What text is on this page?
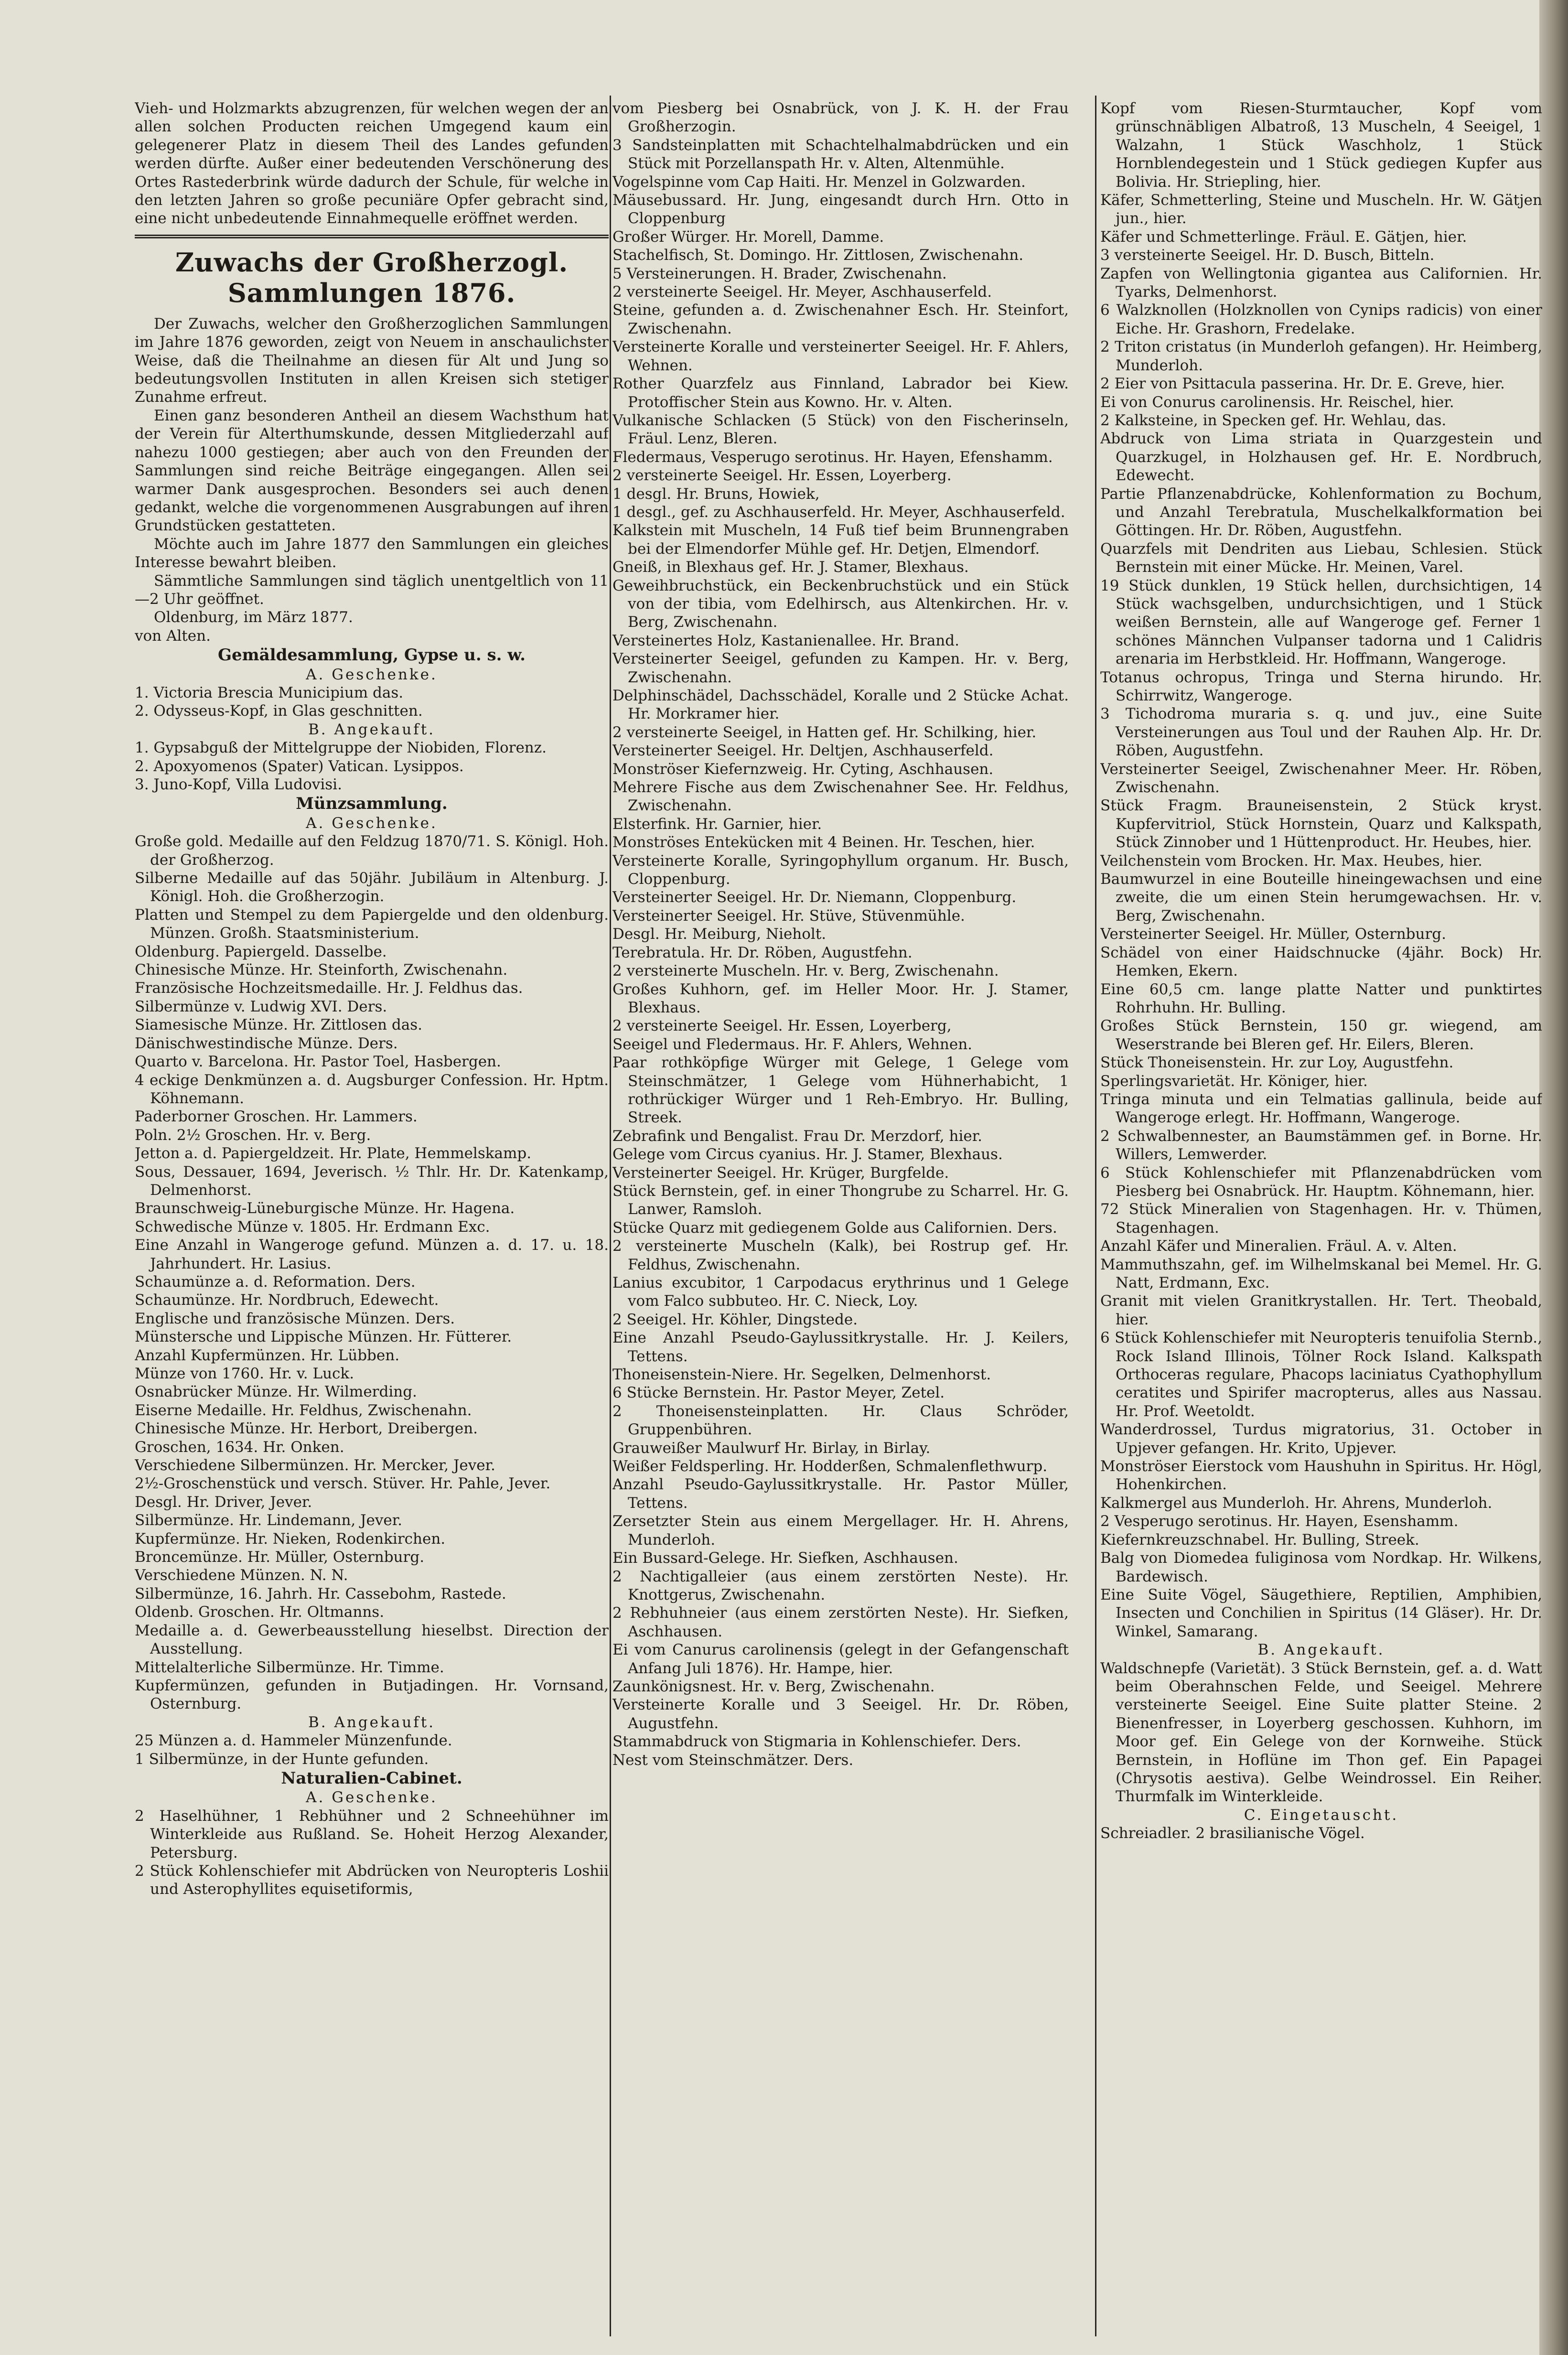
Vieh- und Holzmarkts abzugrenzen, für welchen wegen der an allen solchen Producten reichen Umgegend kaum ein gelegenerer Platz in diesem Theil des Landes gefunden werden dürfte. Außer einer bedeutenden Verschönerung des Ortes Rastederbrink würde dadurch der Schule, für welche in den letzten Jahren so große pecuniäre Opfer gebracht sind, eine nicht unbedeutende Einnahmequelle eröffnet werden.

Zuwachs der Großherzogl. Sammlungen 1876.

Der Zuwachs, welcher den Großherzoglichen Sammlungen im Jahre 1876 geworden, zeigt von Neuem in anschaulichster Weise, daß die Theilnahme an diesen für Alt und Jung so bedeutungsvollen Instituten in allen Kreisen sich stetiger Zunahme erfreut.

Einen ganz besonderen Antheil an diesem Wachsthum hat der Verein für Alterthumskunde, dessen Mitgliederzahl auf nahezu 1000 gestiegen; aber auch von den Freunden der Sammlungen sind reiche Beiträge eingegangen. Allen sei warmer Dank ausgesprochen. Besonders sei auch denen gedankt, welche die vorgenommenen Ausgrabungen auf ihren Grundstücken gestatteten.

Möchte auch im Jahre 1877 den Sammlungen ein gleiches Interesse bewahrt bleiben.

Sämmtliche Sammlungen sind täglich unentgeltlich von 11—2 Uhr geöffnet.

Oldenburg, im März 1877.

von Alten.

Gemäldesammlung, Gypse u. s. w.
A. Geschenke.

1. Victoria Brescia Municipium das.

2. Odysseus-Kopf, in Glas geschnitten.

B. Angekauft.

1. Gypsabguß der Mittelgruppe der Niobiden, Florenz.

2. Apoxyomenos (Spater) Vatican. Lysippos.

3. Juno-Kopf, Villa Ludovisi.

Münzsammlung.
A. Geschenke.

Große gold. Medaille auf den Feldzug 1870/71. S. Königl. Hoh. der Großherzog.

Silberne Medaille auf das 50jähr. Jubiläum in Altenburg. J. Königl. Hoh. die Großherzogin.

Platten und Stempel zu dem Papiergelde und den oldenburg. Münzen. Großh. Staatsministerium.

Oldenburg. Papiergeld. Dasselbe.

Chinesische Münze. Hr. Steinforth, Zwischenahn.

Französische Hochzeitsmedaille. Hr. J. Feldhus das.

Silbermünze v. Ludwig XVI. Ders.

Siamesische Münze. Hr. Zittlosen das.

Dänischwestindische Münze. Ders.

Quarto v. Barcelona. Hr. Pastor Toel, Hasbergen.

4 eckige Denkmünzen a. d. Augsburger Confession. Hr. Hptm. Köhnemann.

Paderborner Groschen. Hr. Lammers.

Poln. 2½ Groschen. Hr. v. Berg.

Jetton a. d. Papiergeldzeit. Hr. Plate, Hemmelskamp.

Sous, Dessauer, 1694, Jeverisch. ½ Thlr. Hr. Dr. Katenkamp, Delmenhorst.

Braunschweig-Lüneburgische Münze. Hr. Hagena.

Schwedische Münze v. 1805. Hr. Erdmann Exc.

Eine Anzahl in Wangeroge gefund. Münzen a. d. 17. u. 18. Jahrhundert. Hr. Lasius.

Schaumünze a. d. Reformation. Ders.

Schaumünze. Hr. Nordbruch, Edewecht.

Englische und französische Münzen. Ders.

Münstersche und Lippische Münzen. Hr. Fütterer.

Anzahl Kupfermünzen. Hr. Lübben.

Münze von 1760. Hr. v. Luck.

Osnabrücker Münze. Hr. Wilmerding.

Eiserne Medaille. Hr. Feldhus, Zwischenahn.

Chinesische Münze. Hr. Herbort, Dreibergen.

Groschen, 1634. Hr. Onken.

Verschiedene Silbermünzen. Hr. Mercker, Jever.

2½-Groschenstück und versch. Stüver. Hr. Pahle, Jever.

Desgl. Hr. Driver, Jever.

Silbermünze. Hr. Lindemann, Jever.

Kupfermünze. Hr. Nieken, Rodenkirchen.

Broncemünze. Hr. Müller, Osternburg.

Verschiedene Münzen. N. N.

Silbermünze, 16. Jahrh. Hr. Cassebohm, Rastede.

Oldenb. Groschen. Hr. Oltmanns.

Medaille a. d. Gewerbeausstellung hieselbst. Direction der Ausstellung.

Mittelalterliche Silbermünze. Hr. Timme.

Kupfermünzen, gefunden in Butjadingen. Hr. Vornsand, Osternburg.

B. Angekauft.

25 Münzen a. d. Hammeler Münzenfunde.

1 Silbermünze, in der Hunte gefunden.

Naturalien-Cabinet.
A. Geschenke.

2 Haselhühner, 1 Rebhühner und 2 Schneehühner im Winterkleide aus Rußland. Se. Hoheit Herzog Alexander, Petersburg.

2 Stück Kohlenschiefer mit Abdrücken von Neuropteris Loshii und Asterophyllites equisetiformis,

vom Piesberg bei Osnabrück, von J. K. H. der Frau Großherzogin.

3 Sandsteinplatten mit Schachtelhalmabdrücken und ein Stück mit Porzellanspath Hr. v. Alten, Altenmühle.

Vogelspinne vom Cap Haiti. Hr. Menzel in Golzwarden.

Mäusebussard. Hr. Jung, eingesandt durch Hrn. Otto in Cloppenburg

Großer Würger. Hr. Morell, Damme.

Stachelfisch, St. Domingo. Hr. Zittlosen, Zwischenahn.

5 Versteinerungen. H. Brader, Zwischenahn.

2 versteinerte Seeigel. Hr. Meyer, Aschhauserfeld.

Steine, gefunden a. d. Zwischenahner Esch. Hr. Steinfort, Zwischenahn.

Versteinerte Koralle und versteinerter Seeigel. Hr. F. Ahlers, Wehnen.

Rother Quarzfelz aus Finnland, Labrador bei Kiew. Protoffischer Stein aus Kowno. Hr. v. Alten.

Vulkanische Schlacken (5 Stück) von den Fischerinseln, Fräul. Lenz, Bleren.

Fledermaus, Vesperugo serotinus. Hr. Hayen, Efenshamm.

2 versteinerte Seeigel. Hr. Essen, Loyerberg.

1 desgl. Hr. Bruns, Howiek,

1 desgl., gef. zu Aschhauserfeld. Hr. Meyer, Aschhauserfeld.

Kalkstein mit Muscheln, 14 Fuß tief beim Brunnengraben bei der Elmendorfer Mühle gef. Hr. Detjen, Elmendorf.

Gneiß, in Blexhaus gef. Hr. J. Stamer, Blexhaus.

Geweihbruchstück, ein Beckenbruchstück und ein Stück von der tibia, vom Edelhirsch, aus Altenkirchen. Hr. v. Berg, Zwischenahn.

Versteinertes Holz, Kastanienallee. Hr. Brand.

Versteinerter Seeigel, gefunden zu Kampen. Hr. v. Berg, Zwischenahn.

Delphinschädel, Dachsschädel, Koralle und 2 Stücke Achat. Hr. Morkramer hier.

2 versteinerte Seeigel, in Hatten gef. Hr. Schilking, hier.

Versteinerter Seeigel. Hr. Deltjen, Aschhauserfeld.

Monströser Kiefernzweig. Hr. Cyting, Aschhausen.

Mehrere Fische aus dem Zwischenahner See. Hr. Feldhus, Zwischenahn.

Elsterfink. Hr. Garnier, hier.

Monströses Entekücken mit 4 Beinen. Hr. Teschen, hier.

Versteinerte Koralle, Syringophyllum organum. Hr. Busch, Cloppenburg.

Versteinerter Seeigel. Hr. Dr. Niemann, Cloppenburg.

Versteinerter Seeigel. Hr. Stüve, Stüvenmühle.

Desgl. Hr. Meiburg, Nieholt.

Terebratula. Hr. Dr. Röben, Augustfehn.

2 versteinerte Muscheln. Hr. v. Berg, Zwischenahn.

Großes Kuhhorn, gef. im Heller Moor. Hr. J. Stamer, Blexhaus.

2 versteinerte Seeigel. Hr. Essen, Loyerberg,

Seeigel und Fledermaus. Hr. F. Ahlers, Wehnen.

Paar rothköpfige Würger mit Gelege, 1 Gelege vom Steinschmätzer, 1 Gelege vom Hühnerhabicht, 1 rothrückiger Würger und 1 Reh-Embryo. Hr. Bulling, Streek.

Zebrafink und Bengalist. Frau Dr. Merzdorf, hier.

Gelege vom Circus cyanius. Hr. J. Stamer, Blexhaus.

Versteinerter Seeigel. Hr. Krüger, Burgfelde.

Stück Bernstein, gef. in einer Thongrube zu Scharrel. Hr. G. Lanwer, Ramsloh.

Stücke Quarz mit gediegenem Golde aus Californien. Ders.

2 versteinerte Muscheln (Kalk), bei Rostrup gef. Hr. Feldhus, Zwischenahn.

Lanius excubitor, 1 Carpodacus erythrinus und 1 Gelege vom Falco subbuteo. Hr. C. Nieck, Loy.

2 Seeigel. Hr. Köhler, Dingstede.

Eine Anzahl Pseudo-Gaylussitkrystalle. Hr. J. Keilers, Tettens.

Thoneisenstein-Niere. Hr. Segelken, Delmenhorst.

6 Stücke Bernstein. Hr. Pastor Meyer, Zetel.

2 Thoneisensteinplatten. Hr. Claus Schröder, Gruppenbühren.

Grauweißer Maulwurf Hr. Birlay, in Birlay.

Weißer Feldsperling. Hr. Hodderßen, Schmalenflethwurp.

Anzahl Pseudo-Gaylussitkrystalle. Hr. Pastor Müller, Tettens.

Zersetzter Stein aus einem Mergellager. Hr. H. Ahrens, Munderloh.

Ein Bussard-Gelege. Hr. Siefken, Aschhausen.

2 Nachtigalleier (aus einem zerstörten Neste). Hr. Knottgerus, Zwischenahn.

2 Rebhuhneier (aus einem zerstörten Neste). Hr. Siefken, Aschhausen.

Ei vom Canurus carolinensis (gelegt in der Gefangenschaft Anfang Juli 1876). Hr. Hampe, hier.

Zaunkönigsnest. Hr. v. Berg, Zwischenahn.

Versteinerte Koralle und 3 Seeigel. Hr. Dr. Röben, Augustfehn.

Stammabdruck von Stigmaria in Kohlenschiefer. Ders.

Nest vom Steinschmätzer. Ders.

Kopf vom Riesen-Sturmtaucher, Kopf vom grünschnäbligen Albatroß, 13 Muscheln, 4 Seeigel, 1 Walzahn, 1 Stück Waschholz, 1 Stück Hornblendegestein und 1 Stück gediegen Kupfer aus Bolivia. Hr. Striepling, hier.

Käfer, Schmetterling, Steine und Muscheln. Hr. W. Gätjen jun., hier.

Käfer und Schmetterlinge. Fräul. E. Gätjen, hier.

3 versteinerte Seeigel. Hr. D. Busch, Bitteln.

Zapfen von Wellingtonia gigantea aus Californien. Hr. Tyarks, Delmenhorst.

6 Walzknollen (Holzknollen von Cynips radicis) von einer Eiche. Hr. Grashorn, Fredelake.

2 Triton cristatus (in Munderloh gefangen). Hr. Heimberg, Munderloh.

2 Eier von Psittacula passerina. Hr. Dr. E. Greve, hier.

Ei von Conurus carolinensis. Hr. Reischel, hier.

2 Kalksteine, in Specken gef. Hr. Wehlau, das.

Abdruck von Lima striata in Quarzgestein und Quarzkugel, in Holzhausen gef. Hr. E. Nordbruch, Edewecht.

Partie Pflanzenabdrücke, Kohlenformation zu Bochum, und Anzahl Terebratula, Muschelkalkformation bei Göttingen. Hr. Dr. Röben, Augustfehn.

Quarzfels mit Dendriten aus Liebau, Schlesien. Stück Bernstein mit einer Mücke. Hr. Meinen, Varel.

19 Stück dunklen, 19 Stück hellen, durchsichtigen, 14 Stück wachsgelben, undurchsichtigen, und 1 Stück weißen Bernstein, alle auf Wangeroge gef. Ferner 1 schönes Männchen Vulpanser tadorna und 1 Calidris arenaria im Herbstkleid. Hr. Hoffmann, Wangeroge.

Totanus ochropus, Tringa und Sterna hirundo. Hr. Schirrwitz, Wangeroge.

3 Tichodroma muraria s. q. und juv., eine Suite Versteinerungen aus Toul und der Rauhen Alp. Hr. Dr. Röben, Augustfehn.

Versteinerter Seeigel, Zwischenahner Meer. Hr. Röben, Zwischenahn.

Stück Fragm. Brauneisenstein, 2 Stück kryst. Kupfervitriol, Stück Hornstein, Quarz und Kalkspath, Stück Zinnober und 1 Hüttenproduct. Hr. Heubes, hier.

Veilchenstein vom Brocken. Hr. Max. Heubes, hier.

Baumwurzel in eine Bouteille hineingewachsen und eine zweite, die um einen Stein herumgewachsen. Hr. v. Berg, Zwischenahn.

Versteinerter Seeigel. Hr. Müller, Osternburg.

Schädel von einer Haidschnucke (4jähr. Bock) Hr. Hemken, Ekern.

Eine 60,5 cm. lange platte Natter und punktirtes Rohrhuhn. Hr. Bulling.

Großes Stück Bernstein, 150 gr. wiegend, am Weserstrande bei Bleren gef. Hr. Eilers, Bleren.

Stück Thoneisenstein. Hr. zur Loy, Augustfehn.

Sperlingsvarietät. Hr. Königer, hier.

Tringa minuta und ein Telmatias gallinula, beide auf Wangeroge erlegt. Hr. Hoffmann, Wangeroge.

2 Schwalbennester, an Baumstämmen gef. in Borne. Hr. Willers, Lemwerder.

6 Stück Kohlenschiefer mit Pflanzenabdrücken vom Piesberg bei Osnabrück. Hr. Hauptm. Köhnemann, hier.

72 Stück Mineralien von Stagenhagen. Hr. v. Thümen, Stagenhagen.

Anzahl Käfer und Mineralien. Fräul. A. v. Alten.

Mammuthszahn, gef. im Wilhelmskanal bei Memel. Hr. G. Natt, Erdmann, Exc.

Granit mit vielen Granitkrystallen. Hr. Tert. Theobald, hier.

6 Stück Kohlenschiefer mit Neuropteris tenuifolia Sternb., Rock Island Illinois, Tölner Rock Island. Kalkspath Orthoceras regulare, Phacops laciniatus Cyathophyllum ceratites und Spirifer macropterus, alles aus Nassau. Hr. Prof. Weetoldt.

Wanderdrossel, Turdus migratorius, 31. October in Upjever gefangen. Hr. Krito, Upjever.

Monströser Eierstock vom Haushuhn in Spiritus. Hr. Högl, Hohenkirchen.

Kalkmergel aus Munderloh. Hr. Ahrens, Munderloh.

2 Vesperugo serotinus. Hr. Hayen, Esenshamm.

Kiefernkreuzschnabel. Hr. Bulling, Streek.

Balg von Diomedea fuliginosa vom Nordkap. Hr. Wilkens, Bardewisch.

Eine Suite Vögel, Säugethiere, Reptilien, Amphibien, Insecten und Conchilien in Spiritus (14 Gläser). Hr. Dr. Winkel, Samarang.

B. Angekauft.

Waldschnepfe (Varietät). 3 Stück Bernstein, gef. a. d. Watt beim Oberahnschen Felde, und Seeigel. Mehrere versteinerte Seeigel. Eine Suite platter Steine. 2 Bienenfresser, in Loyerberg geschossen. Kuhhorn, im Moor gef. Ein Gelege von der Kornweihe. Stück Bernstein, in Hoflüne im Thon gef. Ein Papagei (Chrysotis aestiva). Gelbe Weindrossel. Ein Reiher. Thurmfalk im Winterkleide.

C. Eingetauscht.

Schreiadler. 2 brasilianische Vögel.
